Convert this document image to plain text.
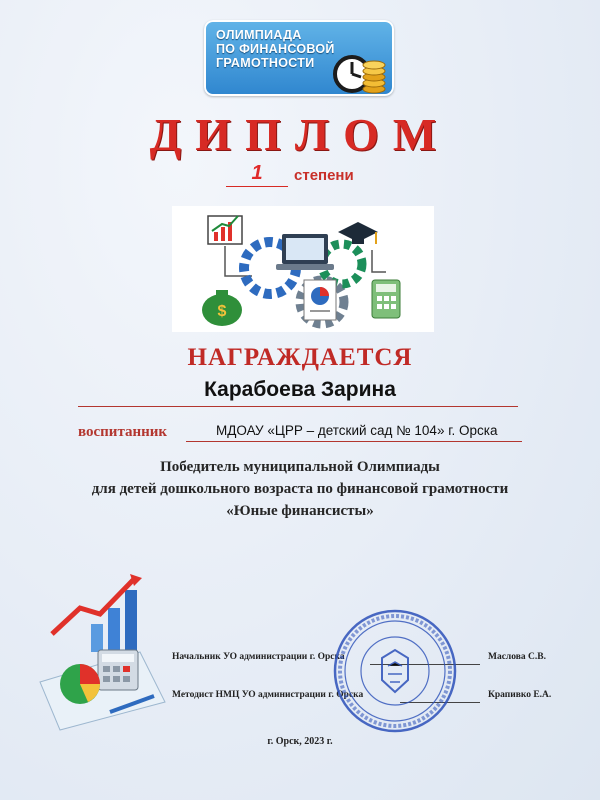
ОЛИМПИАДА
ПО ФИНАНСОВОЙ
ГРАМОТНОСТИ
ДИПЛОМ
1	степени
$
НАГРАЖДАЕТСЯ
Карабоева Зарина
воспитанник	МДОАУ «ЦРР – детский сад № 104» г. Орска
Победитель муниципальной Олимпиады
для детей дошкольного возраста по финансовой грамотности
«Юные финансисты»
Начальник УО администрации г. Орска	Маслова С.В.
Методист НМЦ УО администрации г. Орска	Крапивко Е.А.
г. Орск, 2023 г.
